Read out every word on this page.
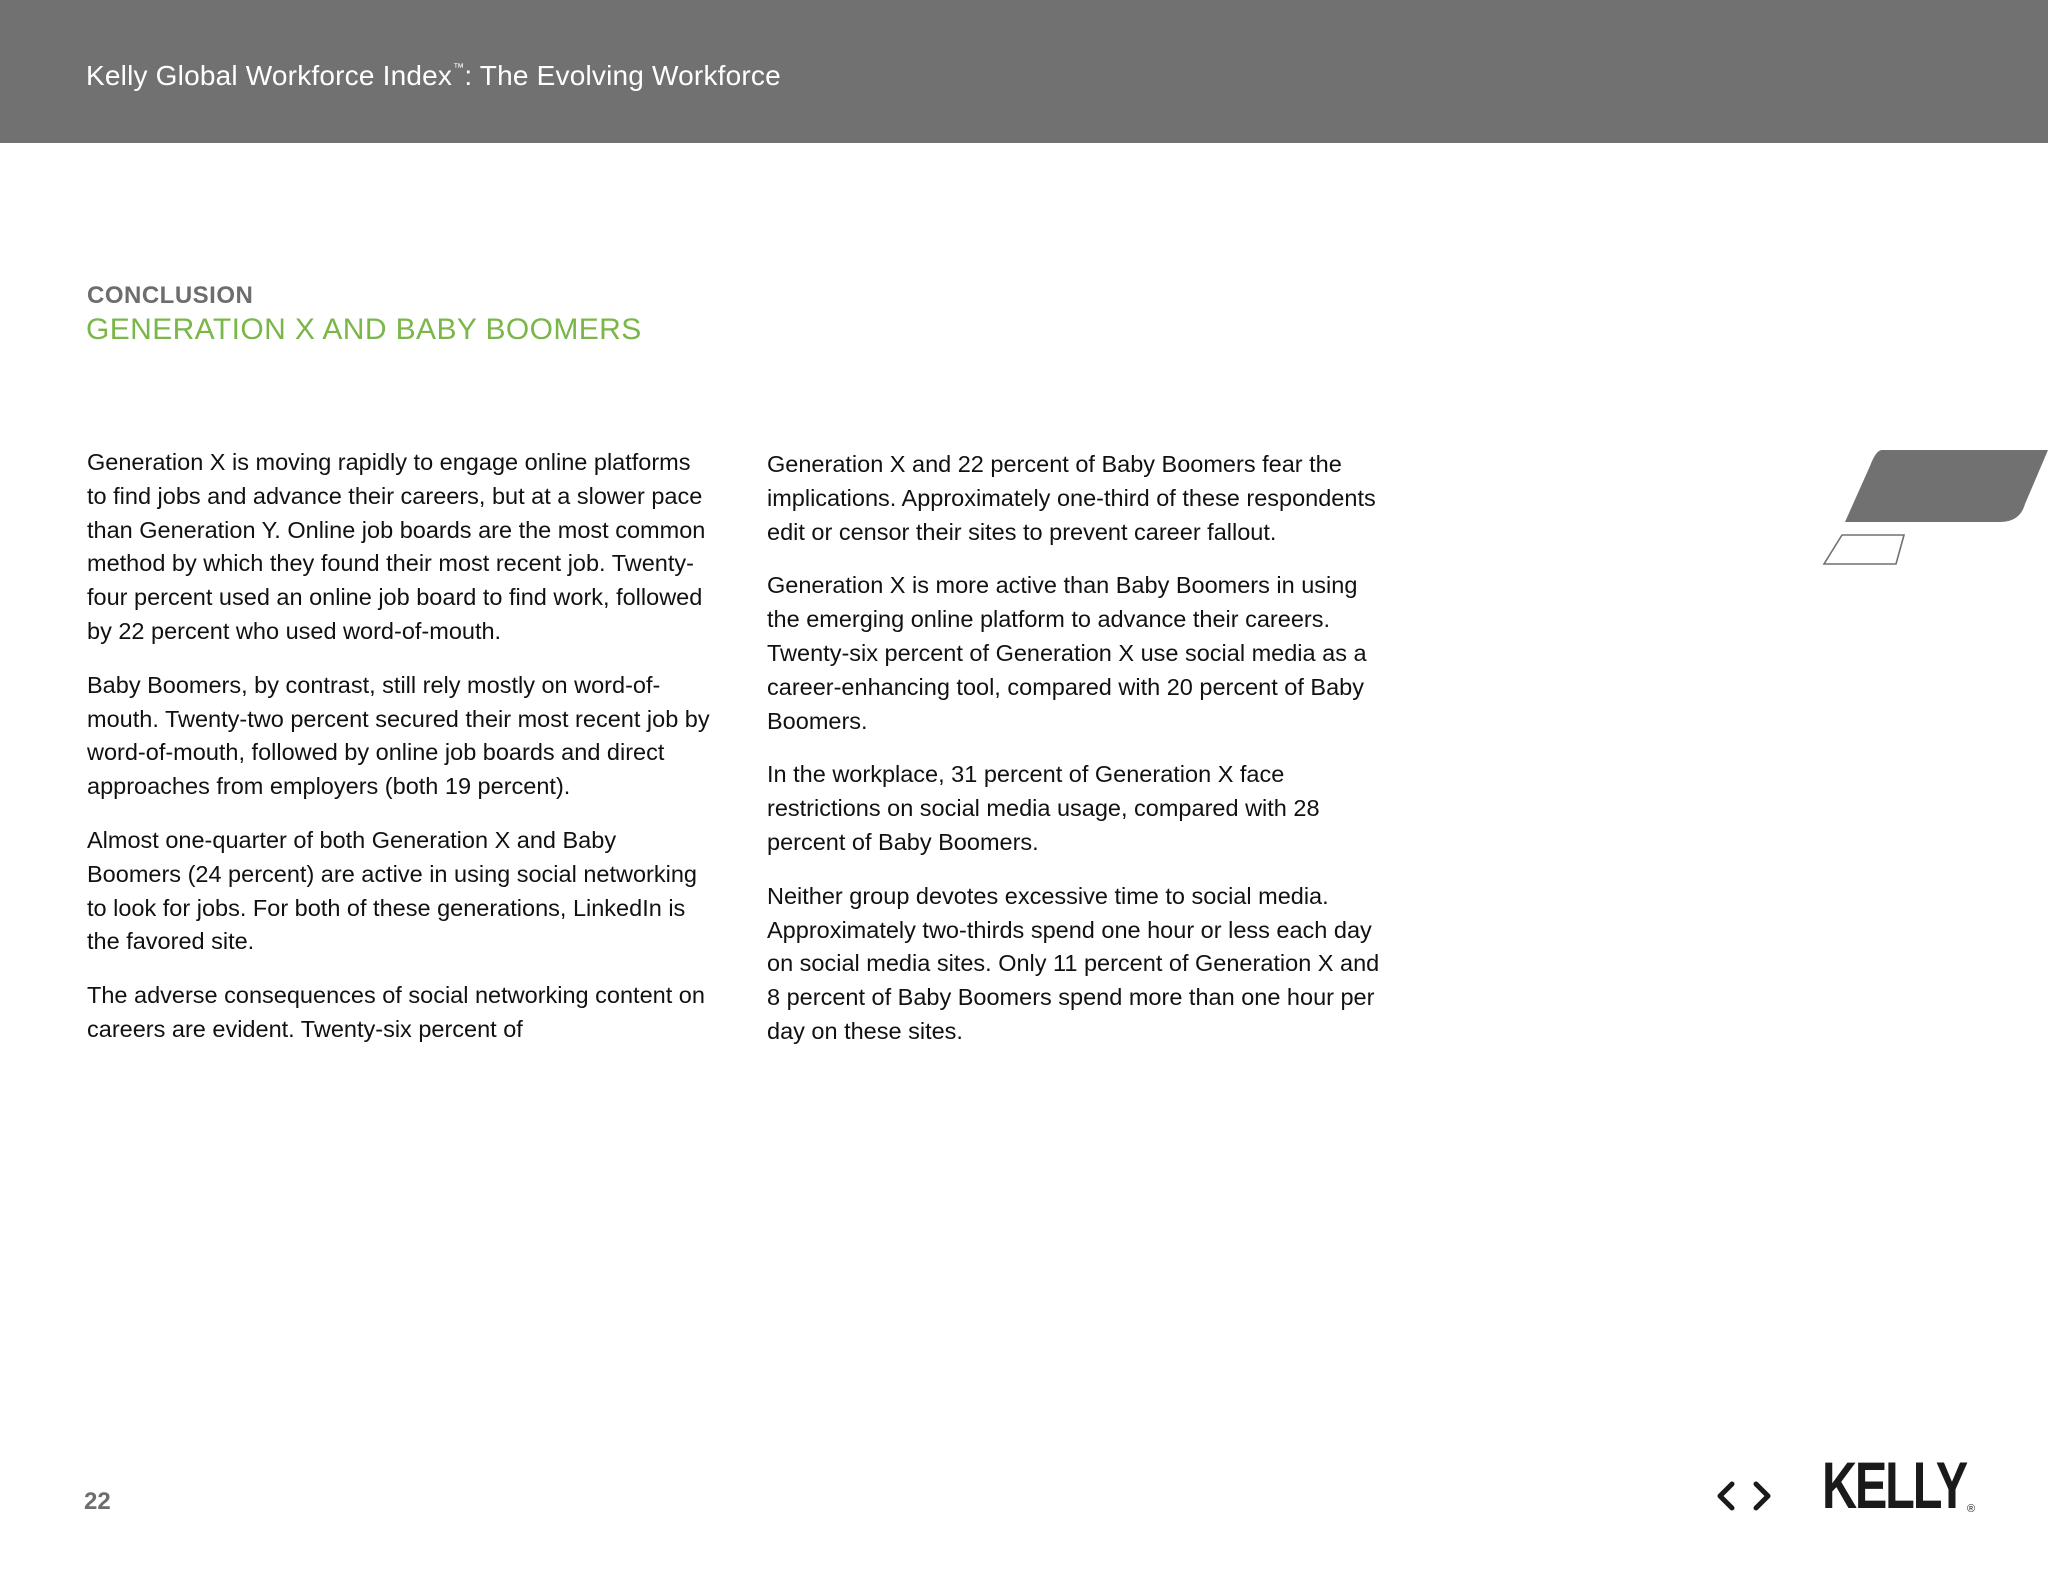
Kelly Global Workforce Index™: The Evolving Workforce
CONCLUSION
GENERATION X AND BABY BOOMERS

Generation X is moving rapidly to engage online platforms to find jobs and advance their careers, but at a slower pace than Generation Y. Online job boards are the most common method by which they found their most recent job. Twenty-four percent used an online job board to find work, followed by 22 percent who used word-of-mouth.

Baby Boomers, by contrast, still rely mostly on word-of-mouth. Twenty-two percent secured their most recent job by word-of-mouth, followed by online job boards and direct approaches from employers (both 19 percent).

Almost one-quarter of both Generation X and Baby Boomers (24 percent) are active in using social networking to look for jobs. For both of these generations, LinkedIn is the favored site.

The adverse consequences of social networking content on careers are evident. Twenty-six percent of

Generation X and 22 percent of Baby Boomers fear the implications. Approximately one-third of these respondents edit or censor their sites to prevent career fallout.

Generation X is more active than Baby Boomers in using the emerging online platform to advance their careers. Twenty-six percent of Generation X use social media as a career-enhancing tool, compared with 20 percent of Baby Boomers.

In the workplace, 31 percent of Generation X face restrictions on social media usage, compared with 28 percent of Baby Boomers.

Neither group devotes excessive time to social media. Approximately two-thirds spend one hour or less each day on social media sites. Only 11 percent of Generation X and 8 percent of Baby Boomers spend more than one hour per day on these sites.

22	KELLY ®
